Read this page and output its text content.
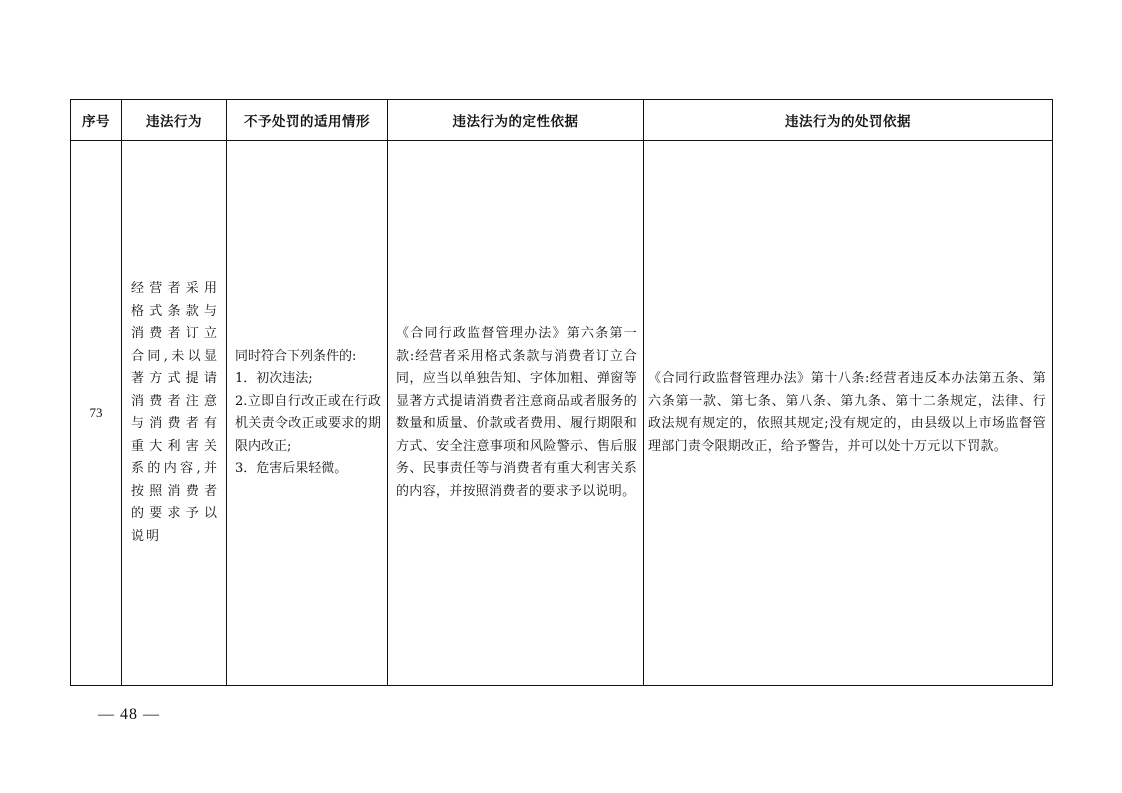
序号	违法行为	不予处罚的适用情形	违法行为的定性依据	违法行为的处罚依据
73	经营者采用格式条款与消费者订立合同,未以显著方式提请消费者注意与消费者有重大利害关系的内容,并按照消费者的要求予以说明	同时符合下列条件的:
1．初次违法;
2.立即自行改正或在行政机关责令改正或要求的期限内改正;
3．危害后果轻微。	《合同行政监督管理办法》第六条第一款:经营者采用格式条款与消费者订立合同，应当以单独告知、字体加粗、弹窗等显著方式提请消费者注意商品或者服务的数量和质量、价款或者费用、履行期限和方式、安全注意事项和风险警示、售后服务、民事责任等与消费者有重大利害关系的内容，并按照消费者的要求予以说明。	《合同行政监督管理办法》第十八条:经营者违反本办法第五条、第六条第一款、第七条、第八条、第九条、第十二条规定，法律、行政法规有规定的，依照其规定;没有规定的，由县级以上市场监督管理部门责令限期改正，给予警告，并可以处十万元以下罚款。
— 48 —
